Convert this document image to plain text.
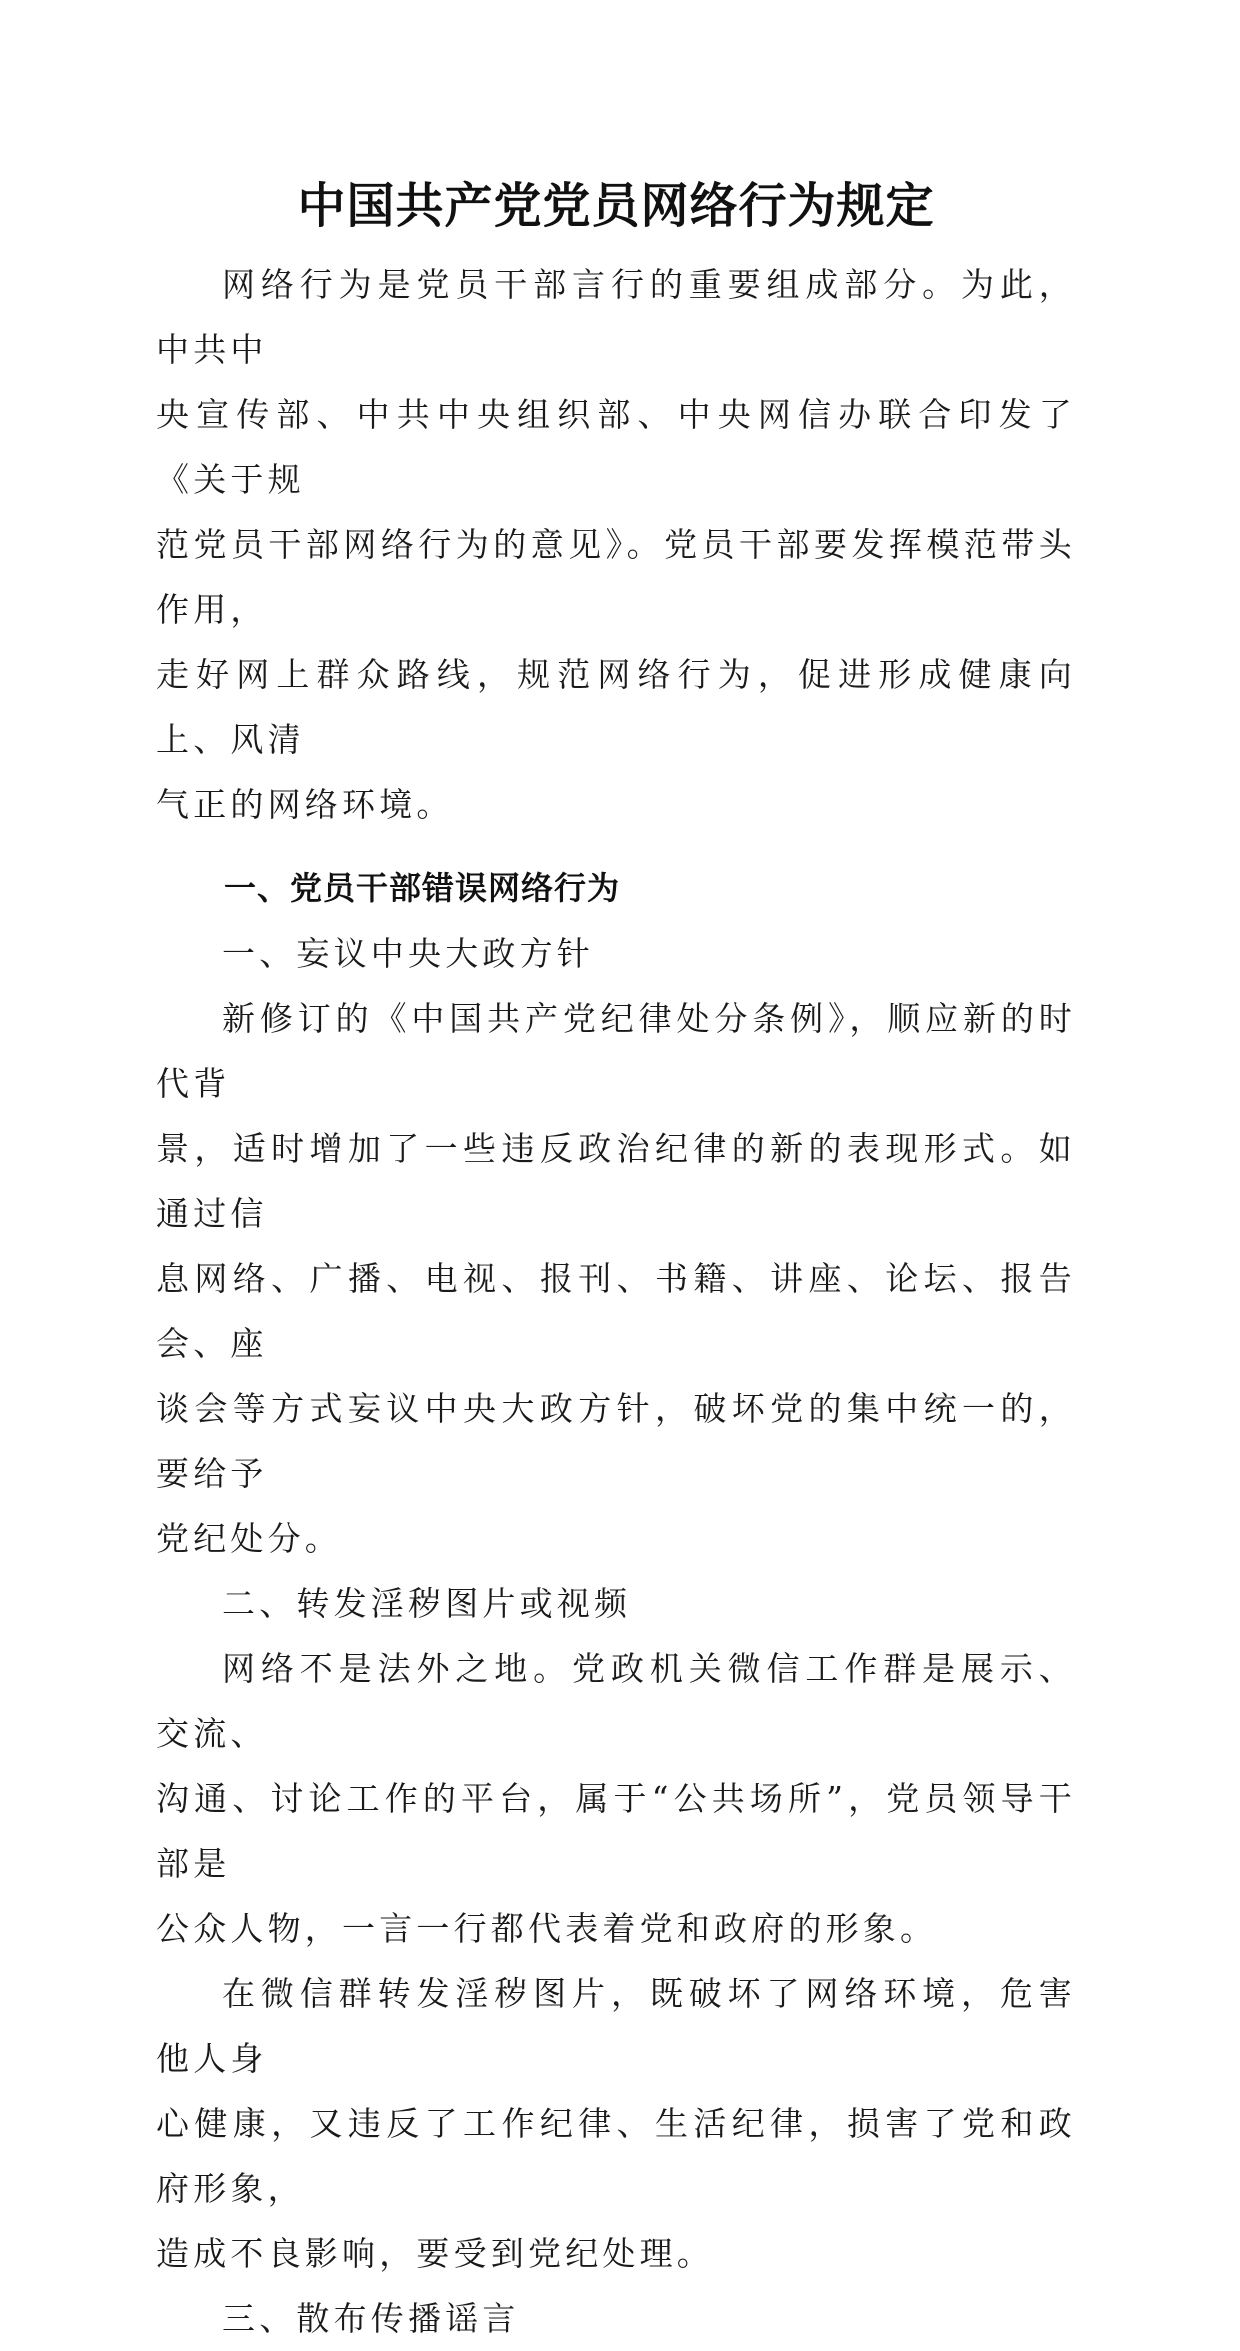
中国共产党党员网络行为规定

网络行为是党员干部言行的重要组成部分。为此，中共中
央宣传部、中共中央组织部、中央网信办联合印发了《关于规
范党员干部网络行为的意见》。党员干部要发挥模范带头作用，
走好网上群众路线，规范网络行为，促进形成健康向上、风清
气正的网络环境。

一、党员干部错误网络行为

一、妄议中央大政方针

新修订的《中国共产党纪律处分条例》，顺应新的时代背
景，适时增加了一些违反政治纪律的新的表现形式。如通过信
息网络、广播、电视、报刊、书籍、讲座、论坛、报告会、座
谈会等方式妄议中央大政方针，破坏党的集中统一的，要给予
党纪处分。

二、转发淫秽图片或视频

网络不是法外之地。党政机关微信工作群是展示、交流、
沟通、讨论工作的平台，属于“公共场所”，党员领导干部是
公众人物，一言一行都代表着党和政府的形象。

在微信群转发淫秽图片，既破坏了网络环境，危害他人身
心健康，又违反了工作纪律、生活纪律，损害了党和政府形象，
造成不良影响，要受到党纪处理。

三、散布传播谣言
